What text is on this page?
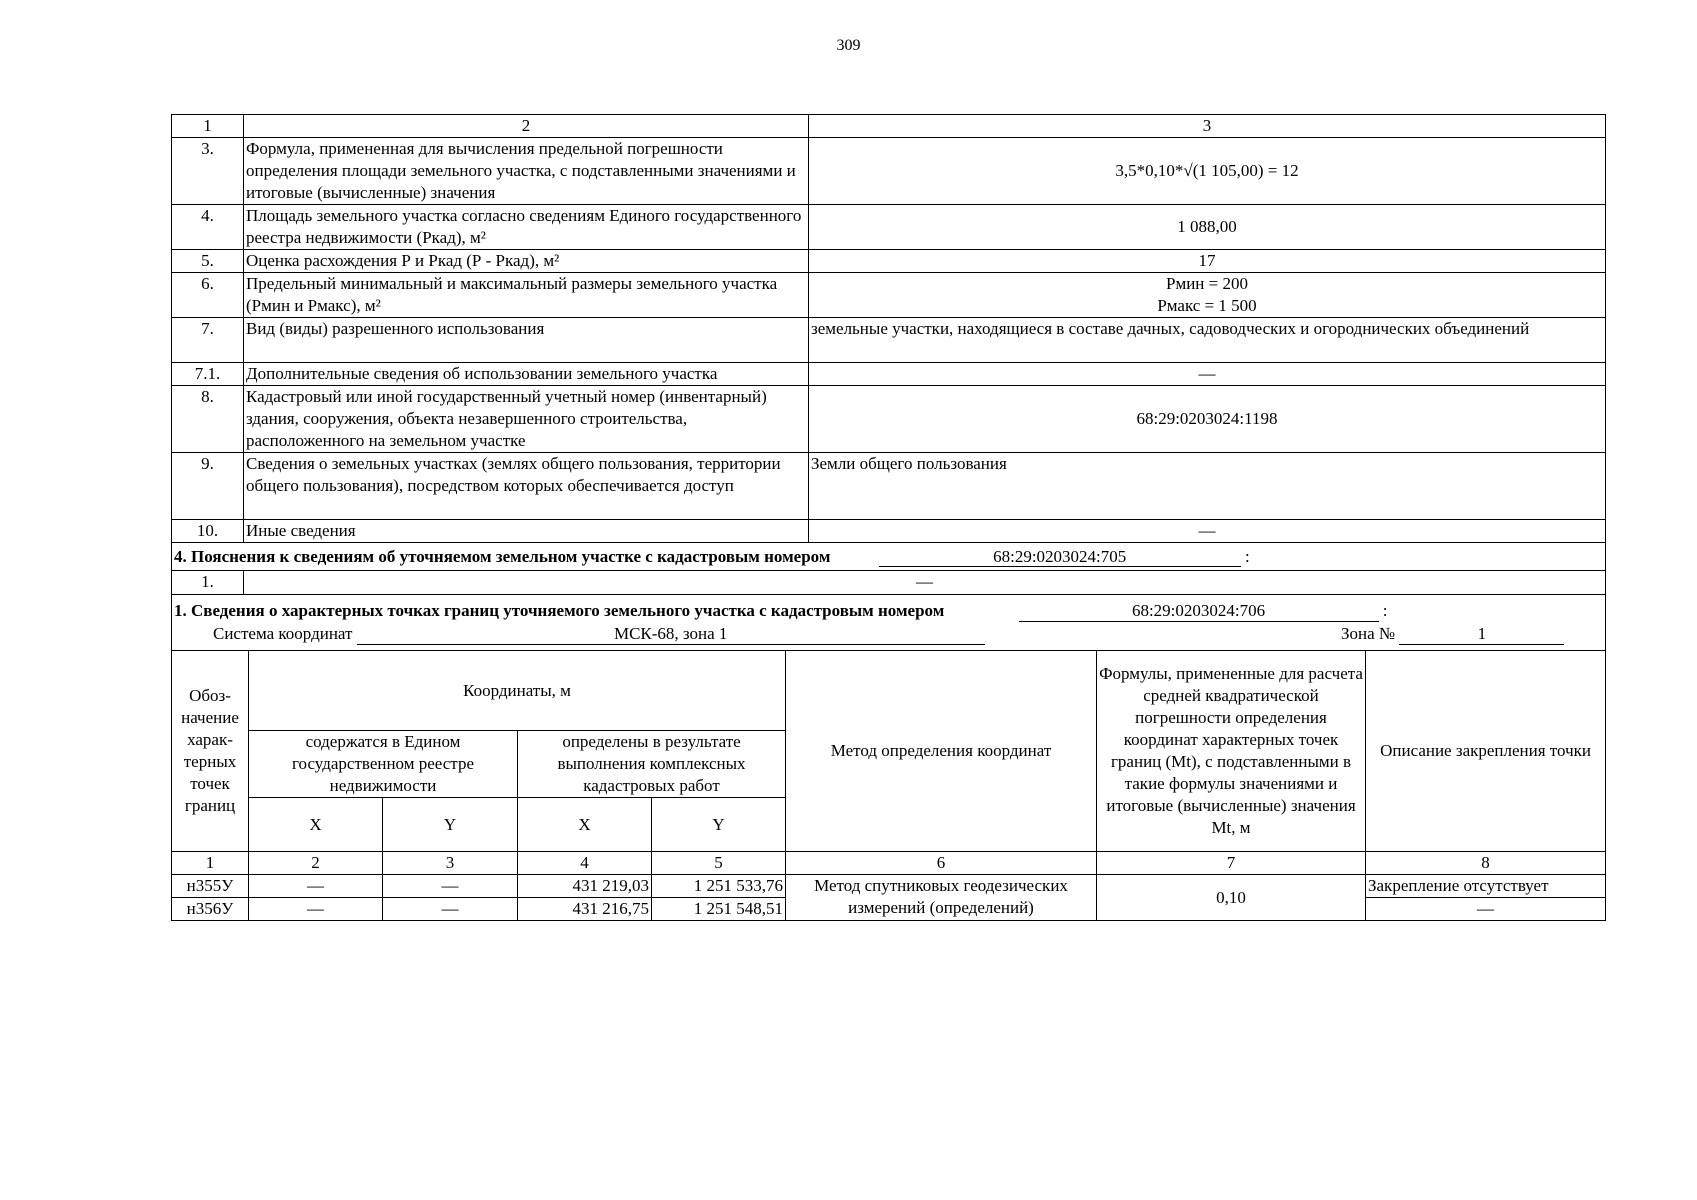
309
1	2	3
3.	Формула, примененная для вычисления предельной погрешности определения площади земельного участка, с подставленными значениями и итоговые (вычисленные) значения	3,5*0,10*√(1 105,00) = 12
4.	Площадь земельного участка согласно сведениям Единого государственного реестра недвижимости (Ркад), м²	1 088,00
5.	Оценка расхождения Р и Ркад (Р - Ркад), м²	17
6.	Предельный минимальный и максимальный размеры земельного участка (Рмин и Рмакс), м²	Рмин = 200
Рмакс = 1 500

7.	Вид (виды) разрешенного использования	земельные участки, находящиеся в составе дачных, садоводческих и огороднических объединений
7.1.	Дополнительные сведения об использовании земельного участка	—
8.	Кадастровый или иной государственный учетный номер (инвентарный) здания, сооружения, объекта незавершенного строительства, расположенного на земельном участке	68:29:0203024:1198
9.	Сведения о земельных участках (землях общего пользования, территории общего пользования), посредством которых обеспечивается доступ	Земли общего пользования
10.	Иные сведения	—
4. Пояснения к сведениям об уточняемом земельном участке с кадастровым номером	68:29:0203024:705	:
1.	—
1. Сведения о характерных точках границ уточняемого земельного участка с кадастровым номером 68:29:0203024:706 :
Система координат МСК-68, зона 1 Зона № 1							

Обоз-начение харак-терных точек границ	Координаты, м				Метод определения координат	Формулы, примененные для расчета средней квадратической погрешности определения координат характерных точек границ (Mt), с подставленными в такие формулы значениями и итоговые (вычисленные) значения Mt, м	Описание закрепления точки
	содержатся в Едином государственном реестре недвижимости		определены в результате выполнения комплексных кадастровых работ				
	X	Y	X	Y			
1	2	3	4	5	6	7	8
н355У	—	—	431 219,03	1 251 533,76	Метод спутниковых геодезических измерений (определений)	0,10	Закрепление отсутствует
н356У	—	—	431 216,75	1 251 548,51			—
